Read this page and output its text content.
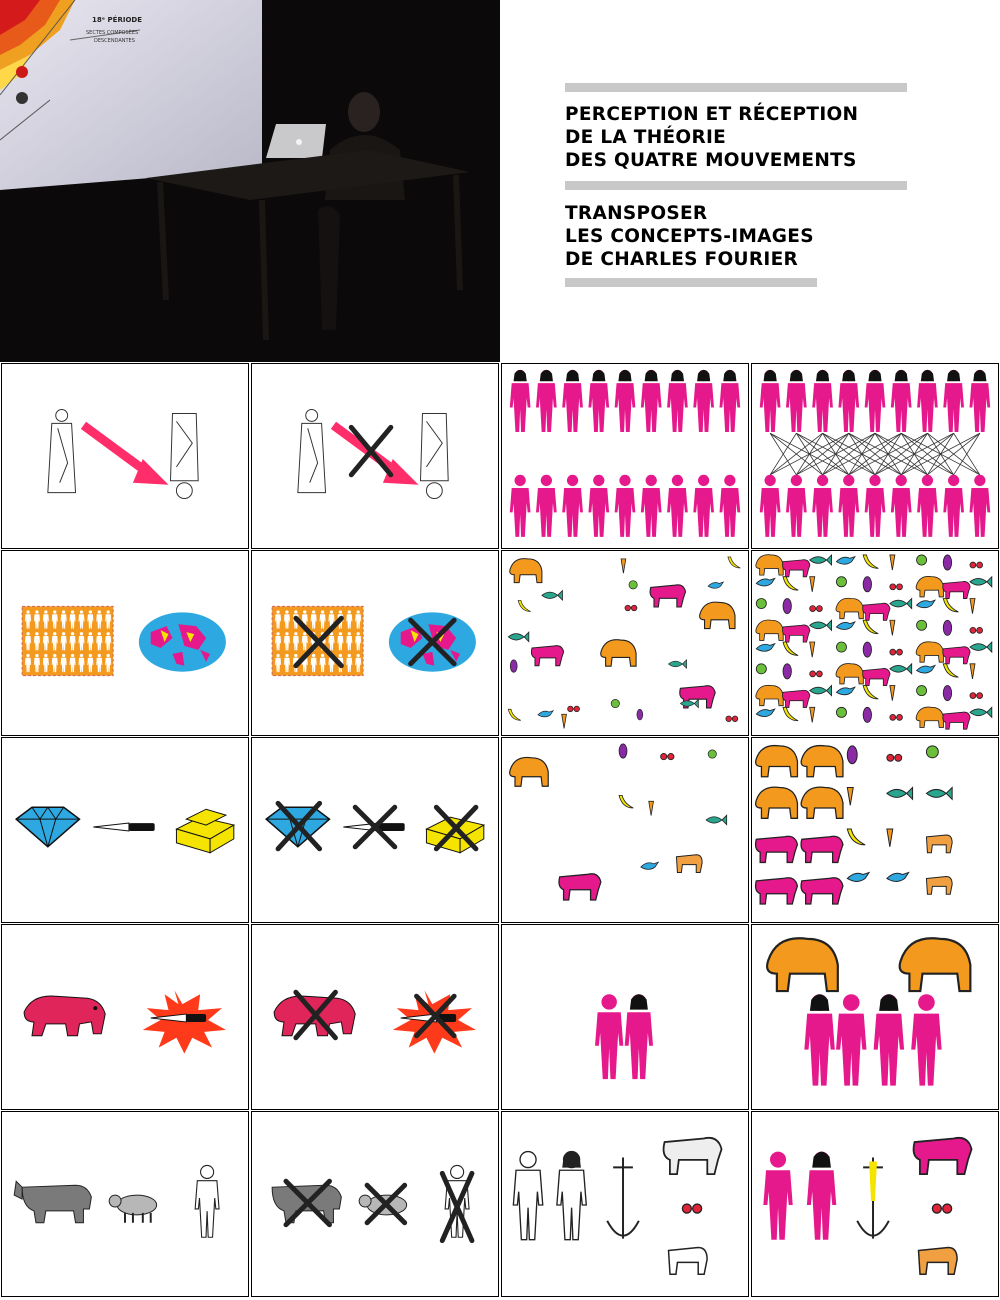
18ᵉ PÉRIODE
SECTES COMPOSÉES
DESCENDANTES
PERCEPTION ET RÉCEPTION
DE LA THÉORIE
DES QUATRE MOUVEMENTS
TRANSPOSER
LES CONCEPTS-IMAGES
DE CHARLES FOURIER
